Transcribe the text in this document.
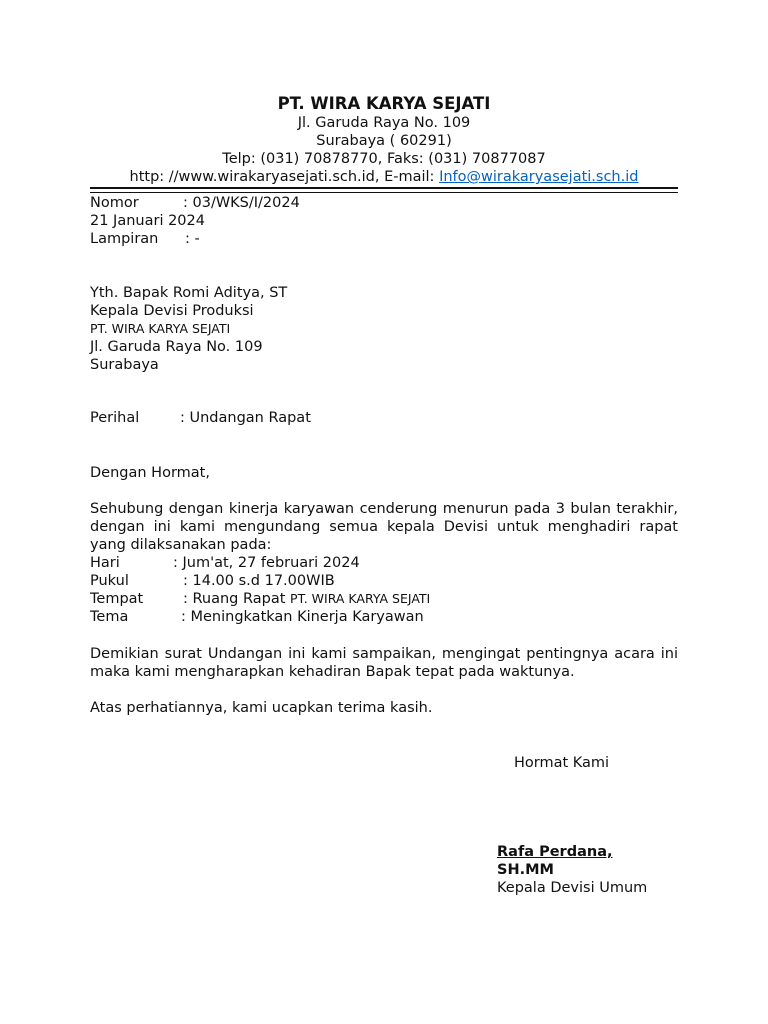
PT. WIRA KARYA SEJATI
Jl. Garuda Raya No. 109
Surabaya ( 60291)
Telp: (031) 70878770, Faks: (031) 70877087
http: //www.wirakaryasejati.sch.id, E-mail: Info@wirakaryasejati.sch.id
Nomor	: 03/WKS/I/2024
21 Januari 2024
Lampiran : -
Yth. Bapak Romi Aditya, ST
Kepala Devisi Produksi
PT. WIRA KARYA SEJATI
Jl. Garuda Raya No. 109
Surabaya
Perihal	: Undangan Rapat
Dengan Hormat,
Sehubung dengan kinerja karyawan cenderung menurun pada 3 bulan terakhir, dengan ini kami mengundang semua kepala Devisi untuk menghadiri rapat yang dilaksanakan pada:
Hari	: Jum'at, 27 februari 2024
Pukul	: 14.00 s.d 17.00WIB
Tempat	: Ruang Rapat PT. WIRA KARYA SEJATI
Tema	: Meningkatkan Kinerja Karyawan
Demikian surat Undangan ini kami sampaikan, mengingat pentingnya acara ini maka kami mengharapkan kehadiran Bapak tepat pada waktunya.
Atas perhatiannya, kami ucapkan terima kasih.
Hormat Kami
Rafa Perdana,
SH.MM
Kepala Devisi Umum
